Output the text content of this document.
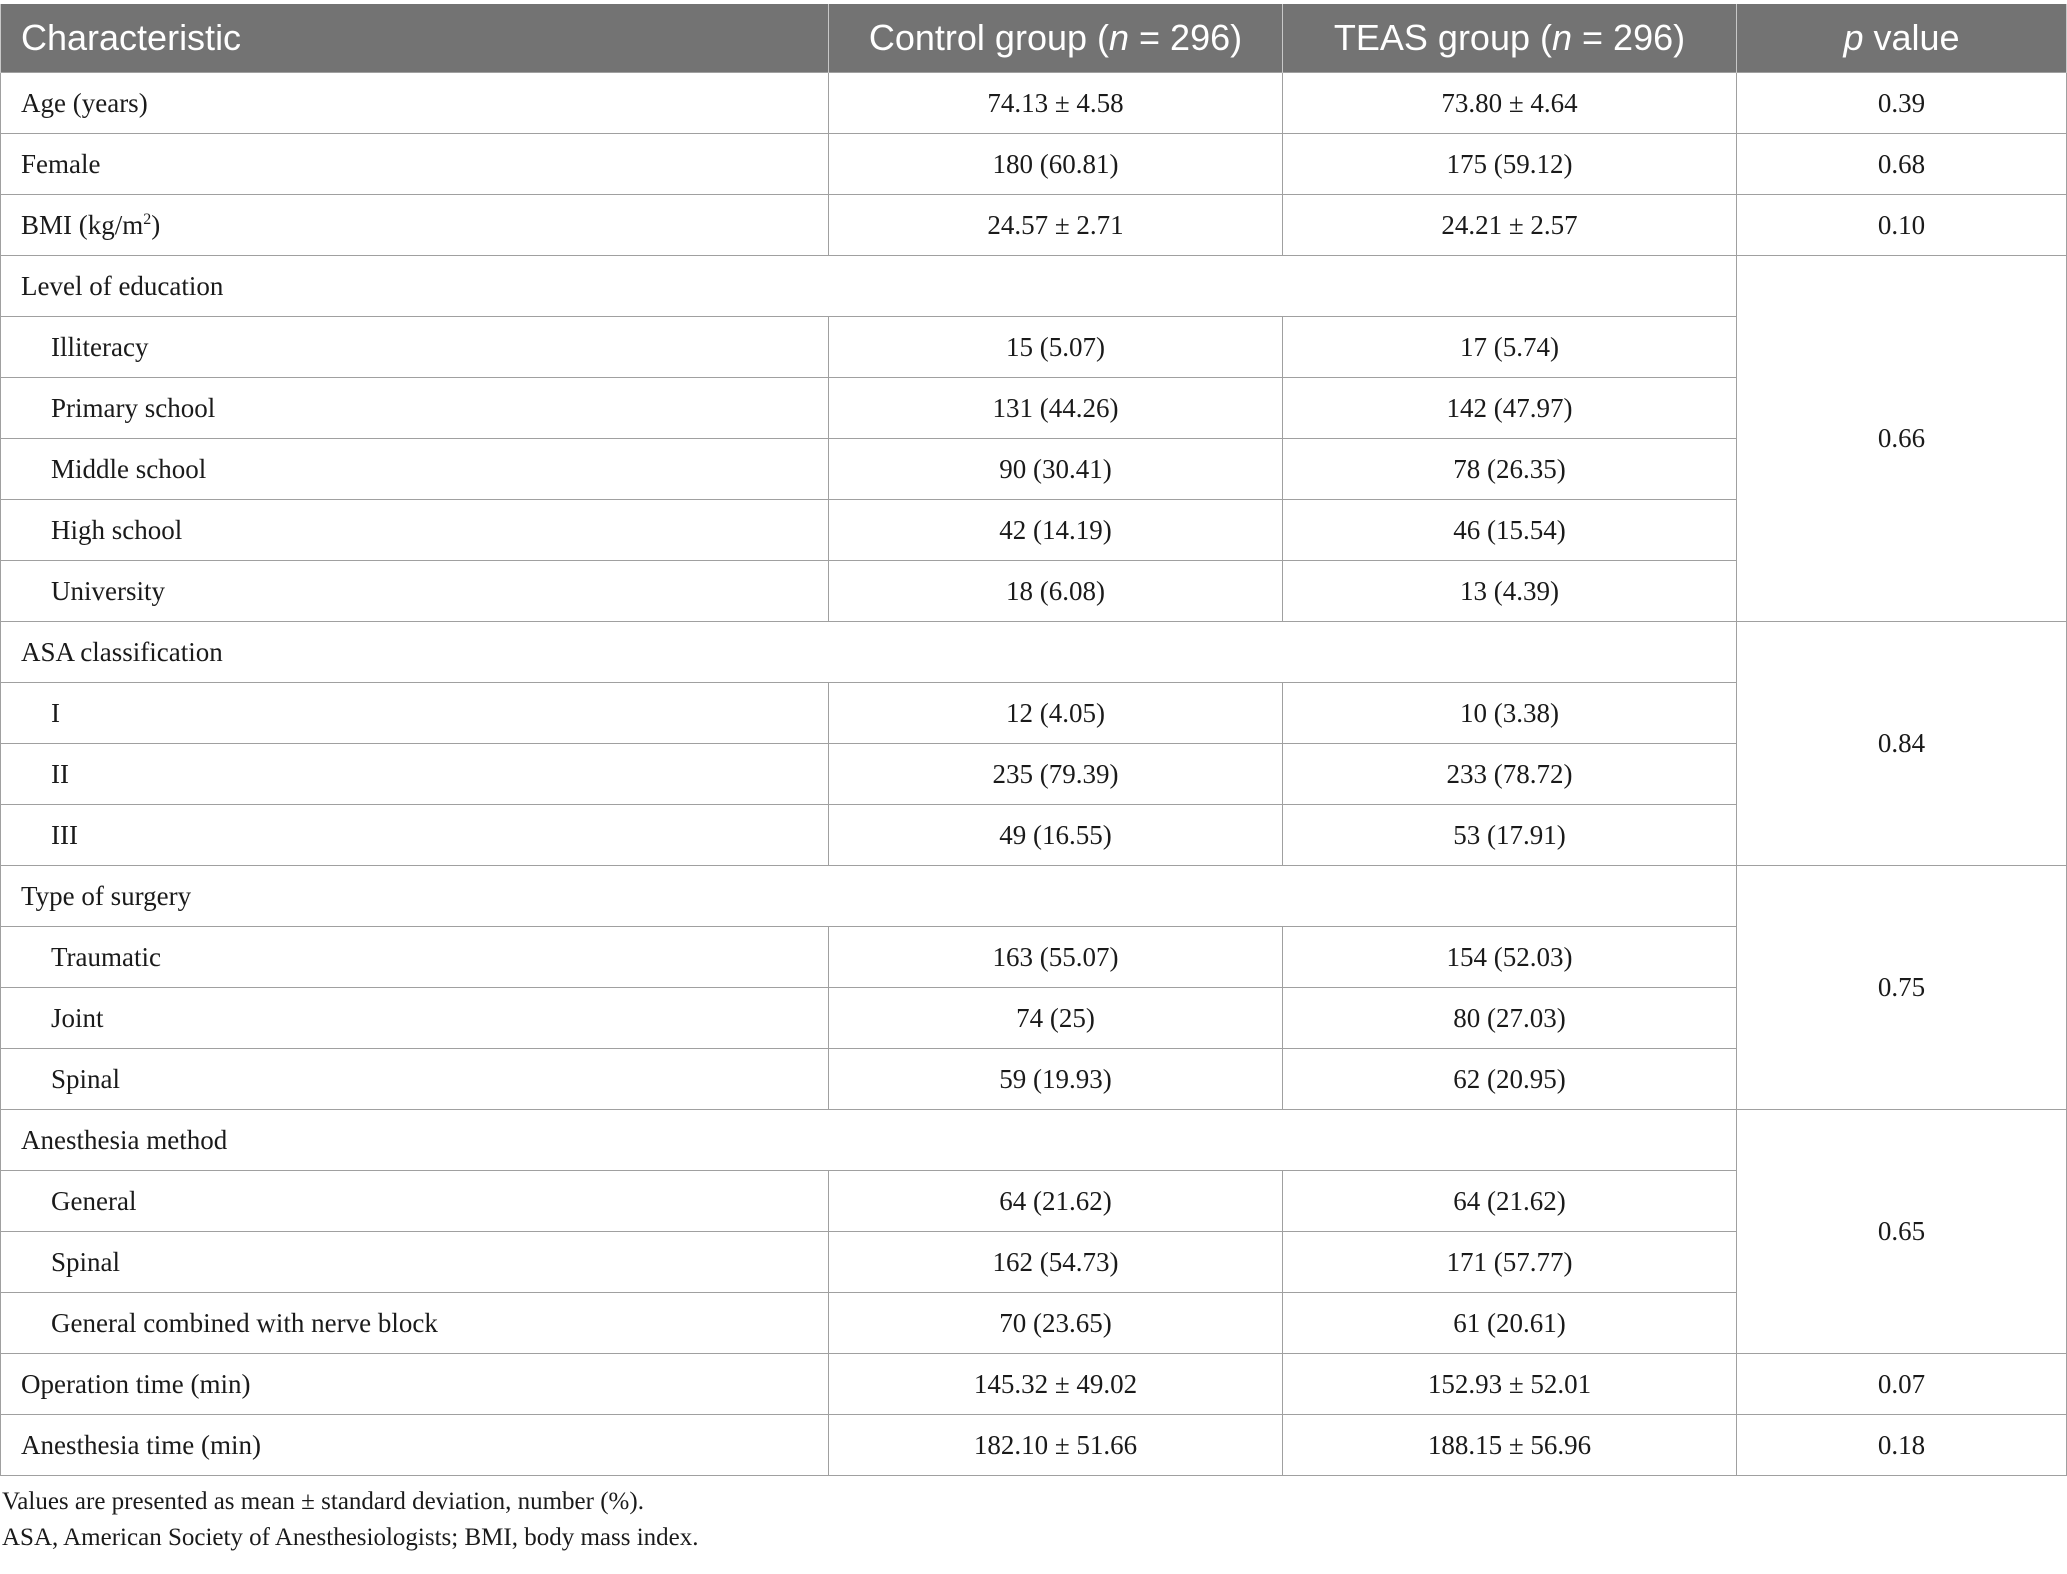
Characteristic	Control group (n = 296)	TEAS group (n = 296)	p value
Age (years)	74.13 ± 4.58	73.80 ± 4.64	0.39
Female	180 (60.81)	175 (59.12)	0.68
BMI $(kg/m^2)$	24.57 ± 2.71	24.21 ± 2.57	0.10
Level of education			0.66
Illiteracy	15 (5.07)	17 (5.74)	
Primary school	131 (44.26)	142 (47.97)	
Middle school	90 (30.41)	78 (26.35)	
High school	42 (14.19)	46 (15.54)	
University	18 (6.08)	13 (4.39)	
ASA classification			0.84
I	12 (4.05)	10 (3.38)	
II	235 (79.39)	233 (78.72)	
III	49 (16.55)	53 (17.91)	
Type of surgery			0.75
Traumatic	163 (55.07)	154 (52.03)	
Joint	74 (25)	80 (27.03)	
Spinal	59 (19.93)	62 (20.95)	
Anesthesia method			0.65
General	64 (21.62)	64 (21.62)	
Spinal	162 (54.73)	171 (57.77)	
General combined with nerve block	70 (23.65)	61 (20.61)	
Operation time (min)	145.32 ± 49.02	152.93 ± 52.01	0.07
Anesthesia time (min)	182.10 ± 51.66	188.15 ± 56.96	0.18
Values are presented as mean ± standard deviation, number (%).
ASA, American Society of Anesthesiologists; BMI, body mass index.
